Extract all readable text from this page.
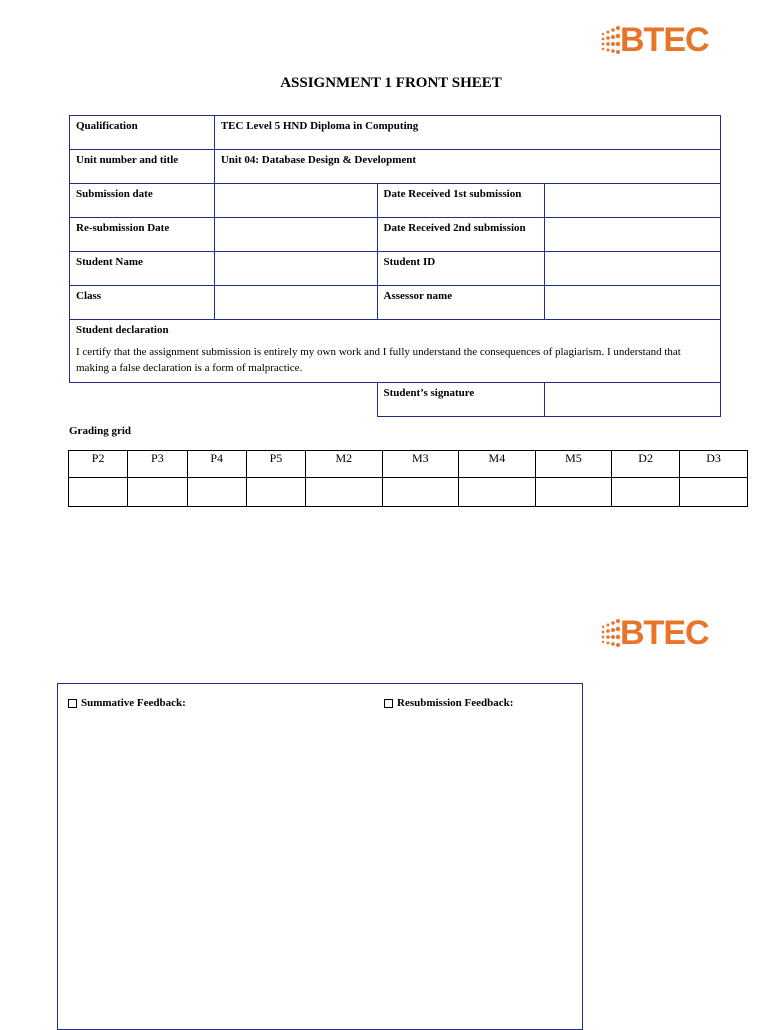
BTEC
ASSIGNMENT 1 FRONT SHEET
Qualification	TEC Level 5 HND Diploma in Computing		
Unit number and title	Unit 04: Database Design & Development		
Submission date		Date Received 1st submission	
Re-submission Date		Date Received 2nd submission	
Student Name		Student ID	
Class		Assessor name	

Student declaration
I certify that the assignment submission is entirely my own work and I fully understand the consequences of plagiarism. I understand that making a false declaration is a form of malpractice.			

		Student’s signature	
Grading grid
P2	P3	P4	P5	M2	M3	M4	M5	D2	D3

BTEC
Summative Feedback:	Resubmission Feedback:
